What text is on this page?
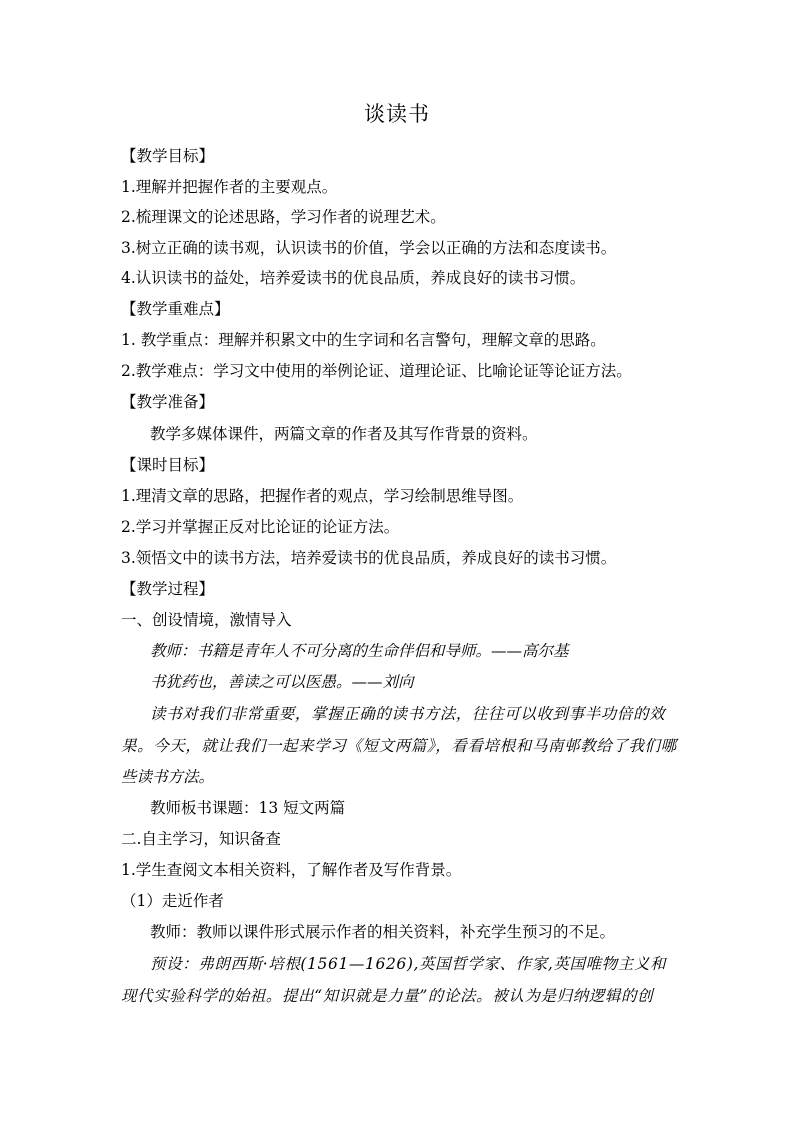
谈读书
【教学目标】
1.理解并把握作者的主要观点。
2.梳理课文的论述思路，学习作者的说理艺术。
3.树立正确的读书观，认识读书的价值，学会以正确的方法和态度读书。
4.认识读书的益处，培养爱读书的优良品质，养成良好的读书习惯。
【教学重难点】
1. 教学重点：理解并积累文中的生字词和名言警句，理解文章的思路。
2.教学难点：学习文中使用的举例论证、道理论证、比喻论证等论证方法。
【教学准备】
教学多媒体课件，两篇文章的作者及其写作背景的资料。
【课时目标】
1.理清文章的思路，把握作者的观点，学习绘制思维导图。
2.学习并掌握正反对比论证的论证方法。
3.领悟文中的读书方法，培养爱读书的优良品质，养成良好的读书习惯。
【教学过程】
一、创设情境，激情导入
教师：书籍是青年人不可分离的生命伴侣和导师。——高尔基
书犹药也，善读之可以医愚。——刘向
读书对我们非常重要，掌握正确的读书方法，往往可以收到事半功倍的效
果。今天，就让我们一起来学习《短文两篇》，看看培根和马南邨教给了我们哪
些读书方法。
教师板书课题：13 短文两篇
二.自主学习，知识备查
1.学生查阅文本相关资料，了解作者及写作背景。
（1）走近作者
教师：教师以课件形式展示作者的相关资料，补充学生预习的不足。
预设：弗朗西斯·培根(1561—1626),英国哲学家、作家,英国唯物主义和
现代实验科学的始祖。提出“知识就是力量”的论法。被认为是归纳逻辑的创
